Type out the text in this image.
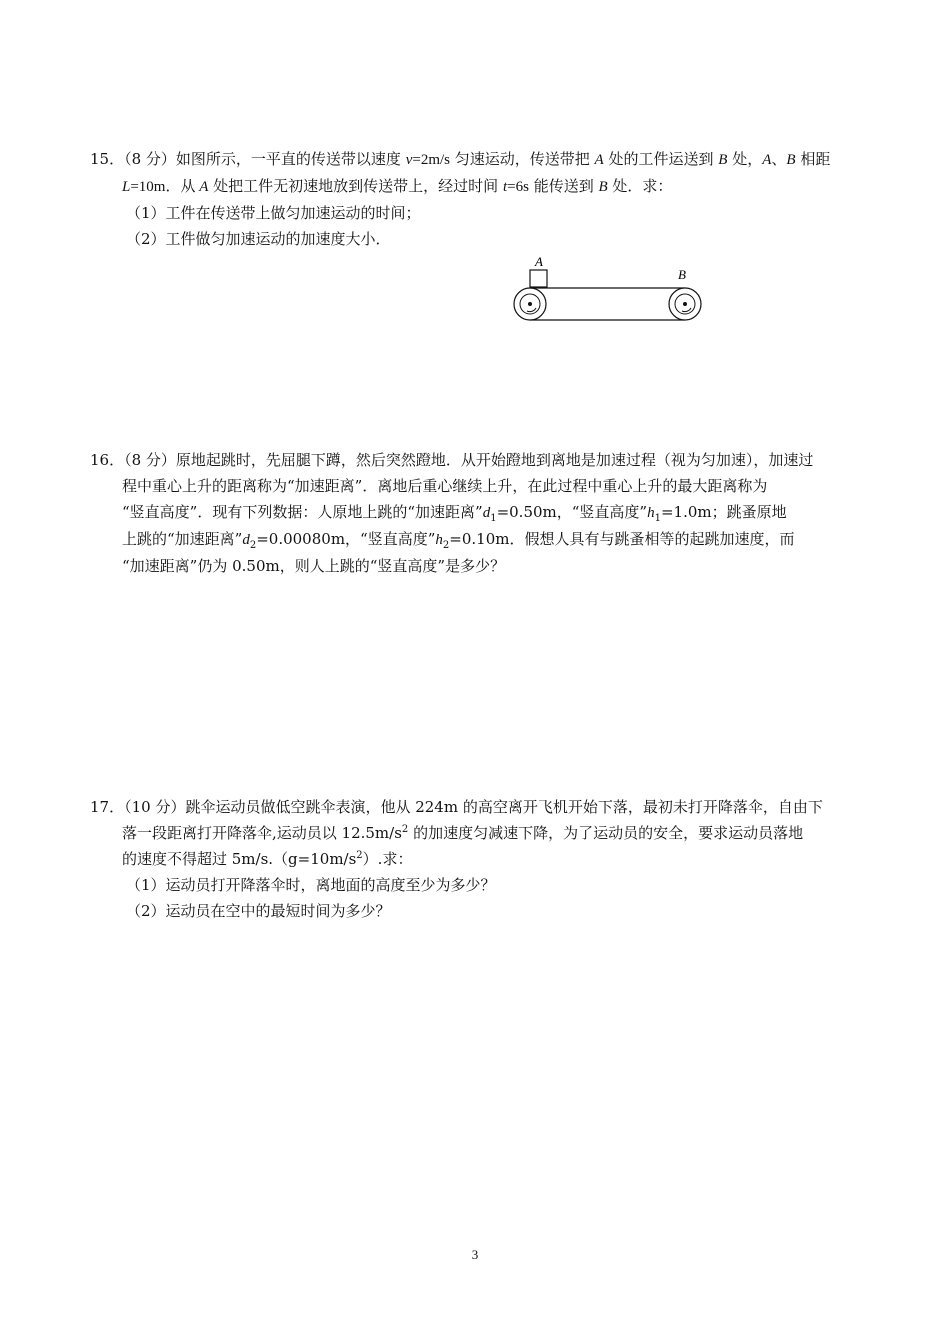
15．（8 分）如图所示，一平直的传送带以速度 v=2m/s 匀速运动，传送带把 A 处的工件运送到 B 处，A、B 相距
L=10m．从 A 处把工件无初速地放到传送带上，经过时间 t=6s 能传送到 B 处．求：
（1）工件在传送带上做匀加速运动的时间；
（2）工件做匀加速运动的加速度大小．
A
B
16．（8 分）原地起跳时，先屈腿下蹲，然后突然蹬地．从开始蹬地到离地是加速过程（视为匀加速），加速过
程中重心上升的距离称为“加速距离”．离地后重心继续上升，在此过程中重心上升的最大距离称为
“竖直高度”．现有下列数据：人原地上跳的“加速距离$”d_1=0.50m$，“竖直高度$”h_1=1.0m$；跳蚤原地
上跳的“加速距离$”d_2=0.00080m$，“竖直高度$”h_2=0.10m$．假想人具有与跳蚤相等的起跳加速度，而
“加速距离”仍为 0.50m，则人上跳的“竖直高度”是多少？
17．（10 分）跳伞运动员做低空跳伞表演，他从 224m 的高空离开飞机开始下落，最初未打开降落伞，自由下
落一段距离打开降落伞,运动员以 $12.5m/s^2$ 的加速度匀减速下降，为了运动员的安全，要求运动员落地
的速度不得超过 $5m/s.(g=10m/s^2)$.求：
（1）运动员打开降落伞时，离地面的高度至少为多少？
（2）运动员在空中的最短时间为多少？
3
